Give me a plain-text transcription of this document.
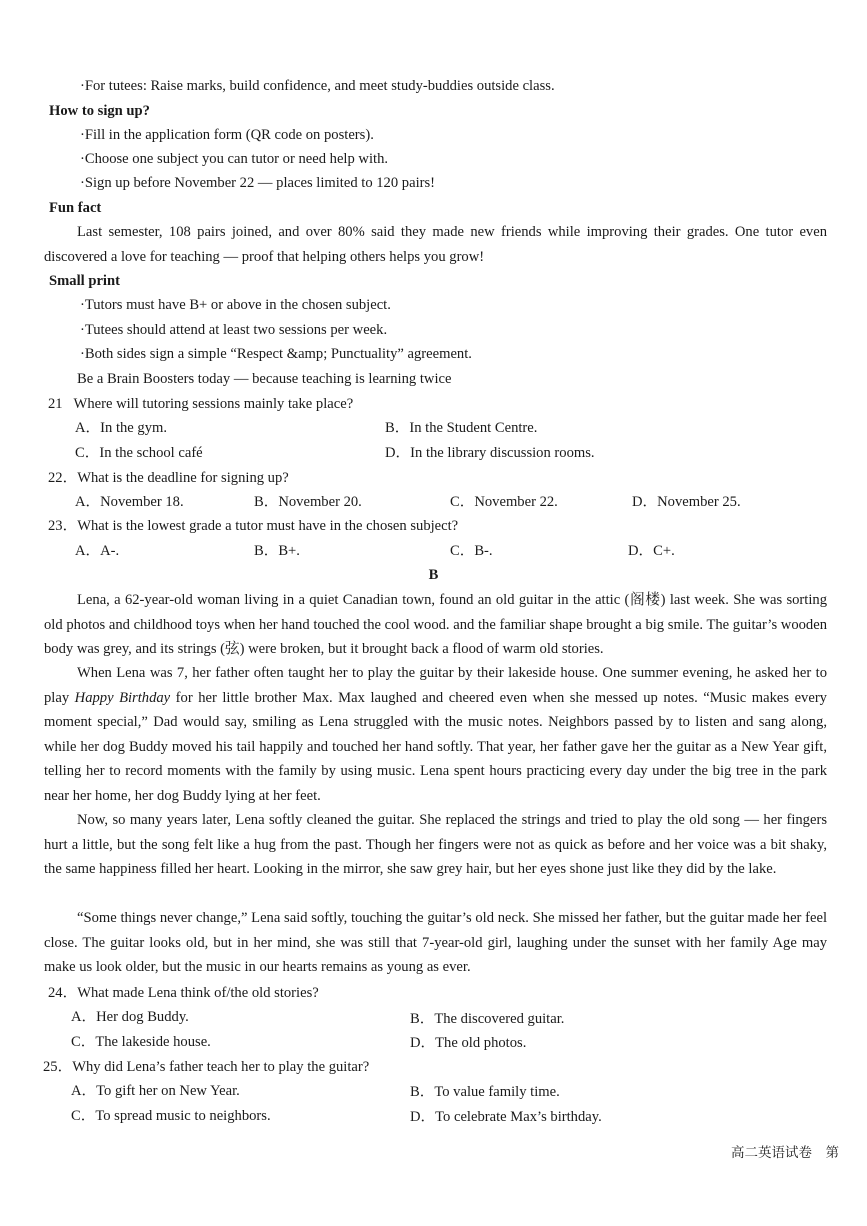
·For tutees: Raise marks, build confidence, and meet study-buddies outside class.
How to sign up?
·Fill in the application form (QR code on posters).
·Choose one subject you can tutor or need help with.
·Sign up before November 22 — places limited to 120 pairs!
Fun fact
Last semester, 108 pairs joined, and over 80% said they made new friends while improving their grades. One tutor even discovered a love for teaching — proof that helping others helps you grow!
Small print
·Tutors must have B+ or above in the chosen subject.
·Tutees should attend at least two sessions per week.
·Both sides sign a simple “Respect &amp; Punctuality” agreement.
Be a Brain Boosters today — because teaching is learning twice
21 Where will tutoring sessions mainly take place?
A．In the gym.	B．In the Student Centre.
C．In the school café	D．In the library discussion rooms.
22．What is the deadline for signing up?
A．November 18.	B．November 20.	C．November 22.	D．November 25.
23．What is the lowest grade a tutor must have in the chosen subject?
A．A-.	B．B+.	C．B-.	D．C+.
B
Lena, a 62-year-old woman living in a quiet Canadian town, found an old guitar in the attic (阁楼) last week. She was sorting old photos and childhood toys when her hand touched the cool wood. and the familiar shape brought a big smile. The guitar’s wooden body was grey, and its strings (弦) were broken, but it brought back a flood of warm old stories.
When Lena was 7, her father often taught her to play the guitar by their lakeside house. One summer evening, he asked her to play Happy Birthday for her little brother Max. Max laughed and cheered even when she messed up notes. “Music makes every moment special,” Dad would say, smiling as Lena struggled with the music notes. Neighbors passed by to listen and sang along, while her dog Buddy moved his tail happily and touched her hand softly. That year, her father gave her the guitar as a New Year gift, telling her to record moments with the family by using music. Lena spent hours practicing every day under the big tree in the park near her home, her dog Buddy lying at her feet.
Now, so many years later, Lena softly cleaned the guitar. She replaced the strings and tried to play the old song — her fingers hurt a little, but the song felt like a hug from the past. Though her fingers were not as quick as before and her voice was a bit shaky, the same happiness filled her heart. Looking in the mirror, she saw grey hair, but her eyes shone just like they did by the lake.
“Some things never change,” Lena said softly, touching the guitar’s old neck. She missed her father, but the guitar made her feel close. The guitar looks old, but in her mind, she was still that 7-year-old girl, laughing under the sunset with her family Age may make us look older, but the music in our hearts remains as young as ever.
24．What made Lena think of/the old stories?
A．Her dog Buddy.	B．The discovered guitar.
C．The lakeside house.	D．The old photos.
25．Why did Lena’s father teach her to play the guitar?
A．To gift her on New Year.	B．To value family time.
C．To spread music to neighbors.	D．To celebrate Max’s birthday.
高二英语试卷　第
